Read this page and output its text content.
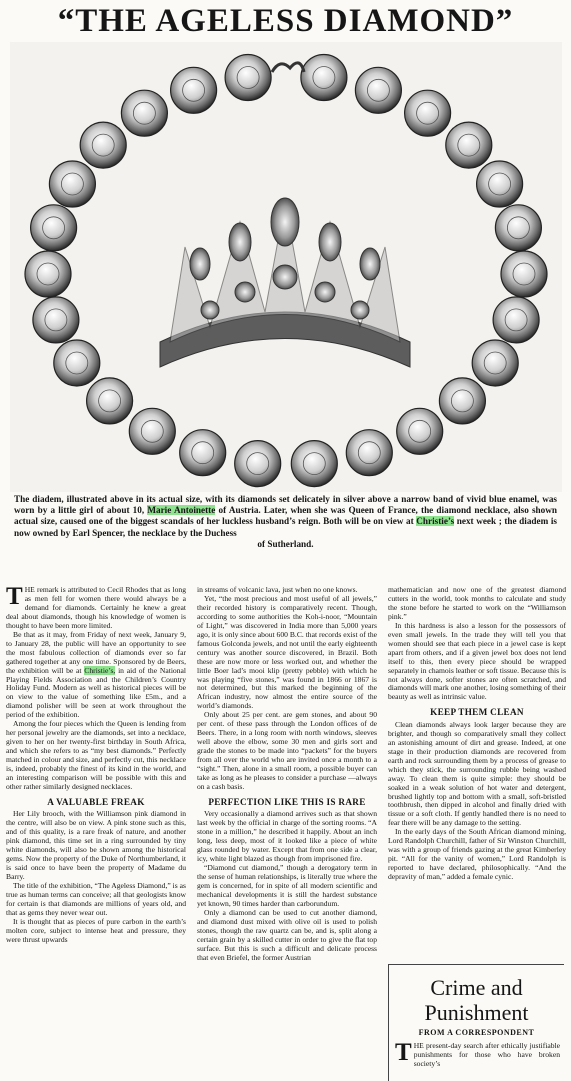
“THE AGELESS DIAMOND”
The diadem, illustrated above in its actual size, with its diamonds set delicately in silver above a narrow band of vivid blue enamel, was worn by a little girl of about 10, Marie Antoinette of Austria. Later, when she was Queen of France, the diamond necklace, also shown actual size, caused one of the biggest scandals of her luckless husband’s reign. Both will be on view at Christie’s next week ; the diadem is now owned by Earl Spencer, the necklace by the Duchess
of Sutherland.

THE remark is attributed to Cecil Rhodes that as long as men fell for women there would always be a demand for diamonds. Certainly he knew a great deal about diamonds, though his knowledge of women is thought to have been more limited.

Be that as it may, from Friday of next week, January 9, to January 28, the public will have an opportunity to see the most fabulous collection of diamonds ever so far gathered together at any one time. Sponsored by de Beers, the exhibition will be at Christie’s, in aid of the National Playing Fields Association and the Children’s Country Holiday Fund. Modern as well as historical pieces will be on view to the value of something like £5m., and a diamond polisher will be seen at work throughout the period of the exhibition.

Among the four pieces which the Queen is lending from her personal jewelry are the diamonds, set into a necklace, given to her on her twenty-first birthday in South Africa, and which she refers to as “my best diamonds.” Perfectly matched in colour and size, and perfectly cut, this necklace is, indeed, probably the finest of its kind in the world, and an interesting comparison will be possible with this and other rather similarly designed necklaces.

A VALUABLE FREAK

Her Lily brooch, with the Williamson pink diamond in the centre, will also be on view. A pink stone such as this, and of this quality, is a rare freak of nature, and another pink diamond, this time set in a ring surrounded by tiny white diamonds, will also be shown among the historical gems. Now the property of the Duke of Northumberland, it is said once to have been the property of Madame du Barry.

The title of the exhibition, “The Ageless Diamond,” is as true as human terms can conceive; all that geologists know for certain is that diamonds are millions of years old, and that as gems they never wear out.

It is thought that as pieces of pure carbon in the earth’s molten core, subject to intense heat and pressure, they were thrust upwards

in streams of volcanic lava, just when no one knows.

Yet, “the most precious and most useful of all jewels,” their recorded history is comparatively recent. Though, according to some authorities the Koh-i-noor, “Mountain of Light,” was discovered in India more than 5,000 years ago, it is only since about 600 B.C. that records exist of the famous Golconda jewels, and not until the early eighteenth century was another source discovered, in Brazil. Both these are now more or less worked out, and whether the little Boer lad’s mooi klip (pretty pebble) with which he was playing “five stones,” was found in 1866 or 1867 is not determined, but this marked the beginning of the African industry, now almost the entire source of the world’s diamonds.

Only about 25 per cent. are gem stones, and about 90 per cent. of these pass through the London offices of de Beers. There, in a long room with north windows, sleeves well above the elbow, some 30 men and girls sort and grade the stones to be made into “packets” for the buyers from all over the world who are invited once a month to a “sight.” Then, alone in a small room, a possible buyer can take as long as he pleases to consider a purchase —always on a cash basis.

PERFECTION LIKE THIS IS RARE

Very occasionally a diamond arrives such as that shown last week by the official in charge of the sorting rooms. “A stone in a million,” he described it happily. About an inch long, less deep, most of it looked like a piece of white glass rounded by water. Except that from one side a clear, icy, white light blazed as though from imprisoned fire.

“Diamond cut diamond,” though a derogatory term in the sense of human relationships, is literally true where the gem is concerned, for in spite of all modern scientific and mechanical developments it is still the hardest substance yet known, 90 times harder than carborundum.

Only a diamond can be used to cut another diamond, and diamond dust mixed with olive oil is used to polish stones, though the raw quartz can be, and is, split along a certain grain by a skilled cutter in order to give the flat top surface. But this is such a difficult and delicate process that even Briefel, the former Austrian

mathematician and now one of the greatest diamond cutters in the world, took months to calculate and study the stone before he started to work on the “Williamson pink.”

In this hardness is also a lesson for the possessors of even small jewels. In the trade they will tell you that women should see that each piece in a jewel case is kept apart from others, and if a given jewel box does not lend itself to this, then every piece should be wrapped separately in chamois leather or soft tissue. Because this is not always done, softer stones are often scratched, and diamonds will mark one another, losing something of their beauty as well as intrinsic value.

KEEP THEM CLEAN

Clean diamonds always look larger because they are brighter, and though so comparatively small they collect an astonishing amount of dirt and grease. Indeed, at one stage in their production diamonds are recovered from earth and rock surrounding them by a process of grease to which they stick, the surrounding rubble being washed away. To clean them is quite simple: they should be soaked in a weak solution of hot water and detergent, brushed lightly top and bottom with a small, soft-bristled toothbrush, then dipped in alcohol and finally dried with tissue or a soft cloth. If gently handled there is no need to fear there will be any damage to the setting.

In the early days of the South African diamond mining, Lord Randolph Churchill, father of Sir Winston Churchill, was with a group of friends gazing at the great Kimberley pit. “All for the vanity of women,” Lord Randolph is reported to have declared, philosophically. “And the depravity of man,” added a female cynic.

Crime and
Punishment
FROM A CORRESPONDENT
THE present-day search after ethically justifiable punishments for those who have broken society’s
